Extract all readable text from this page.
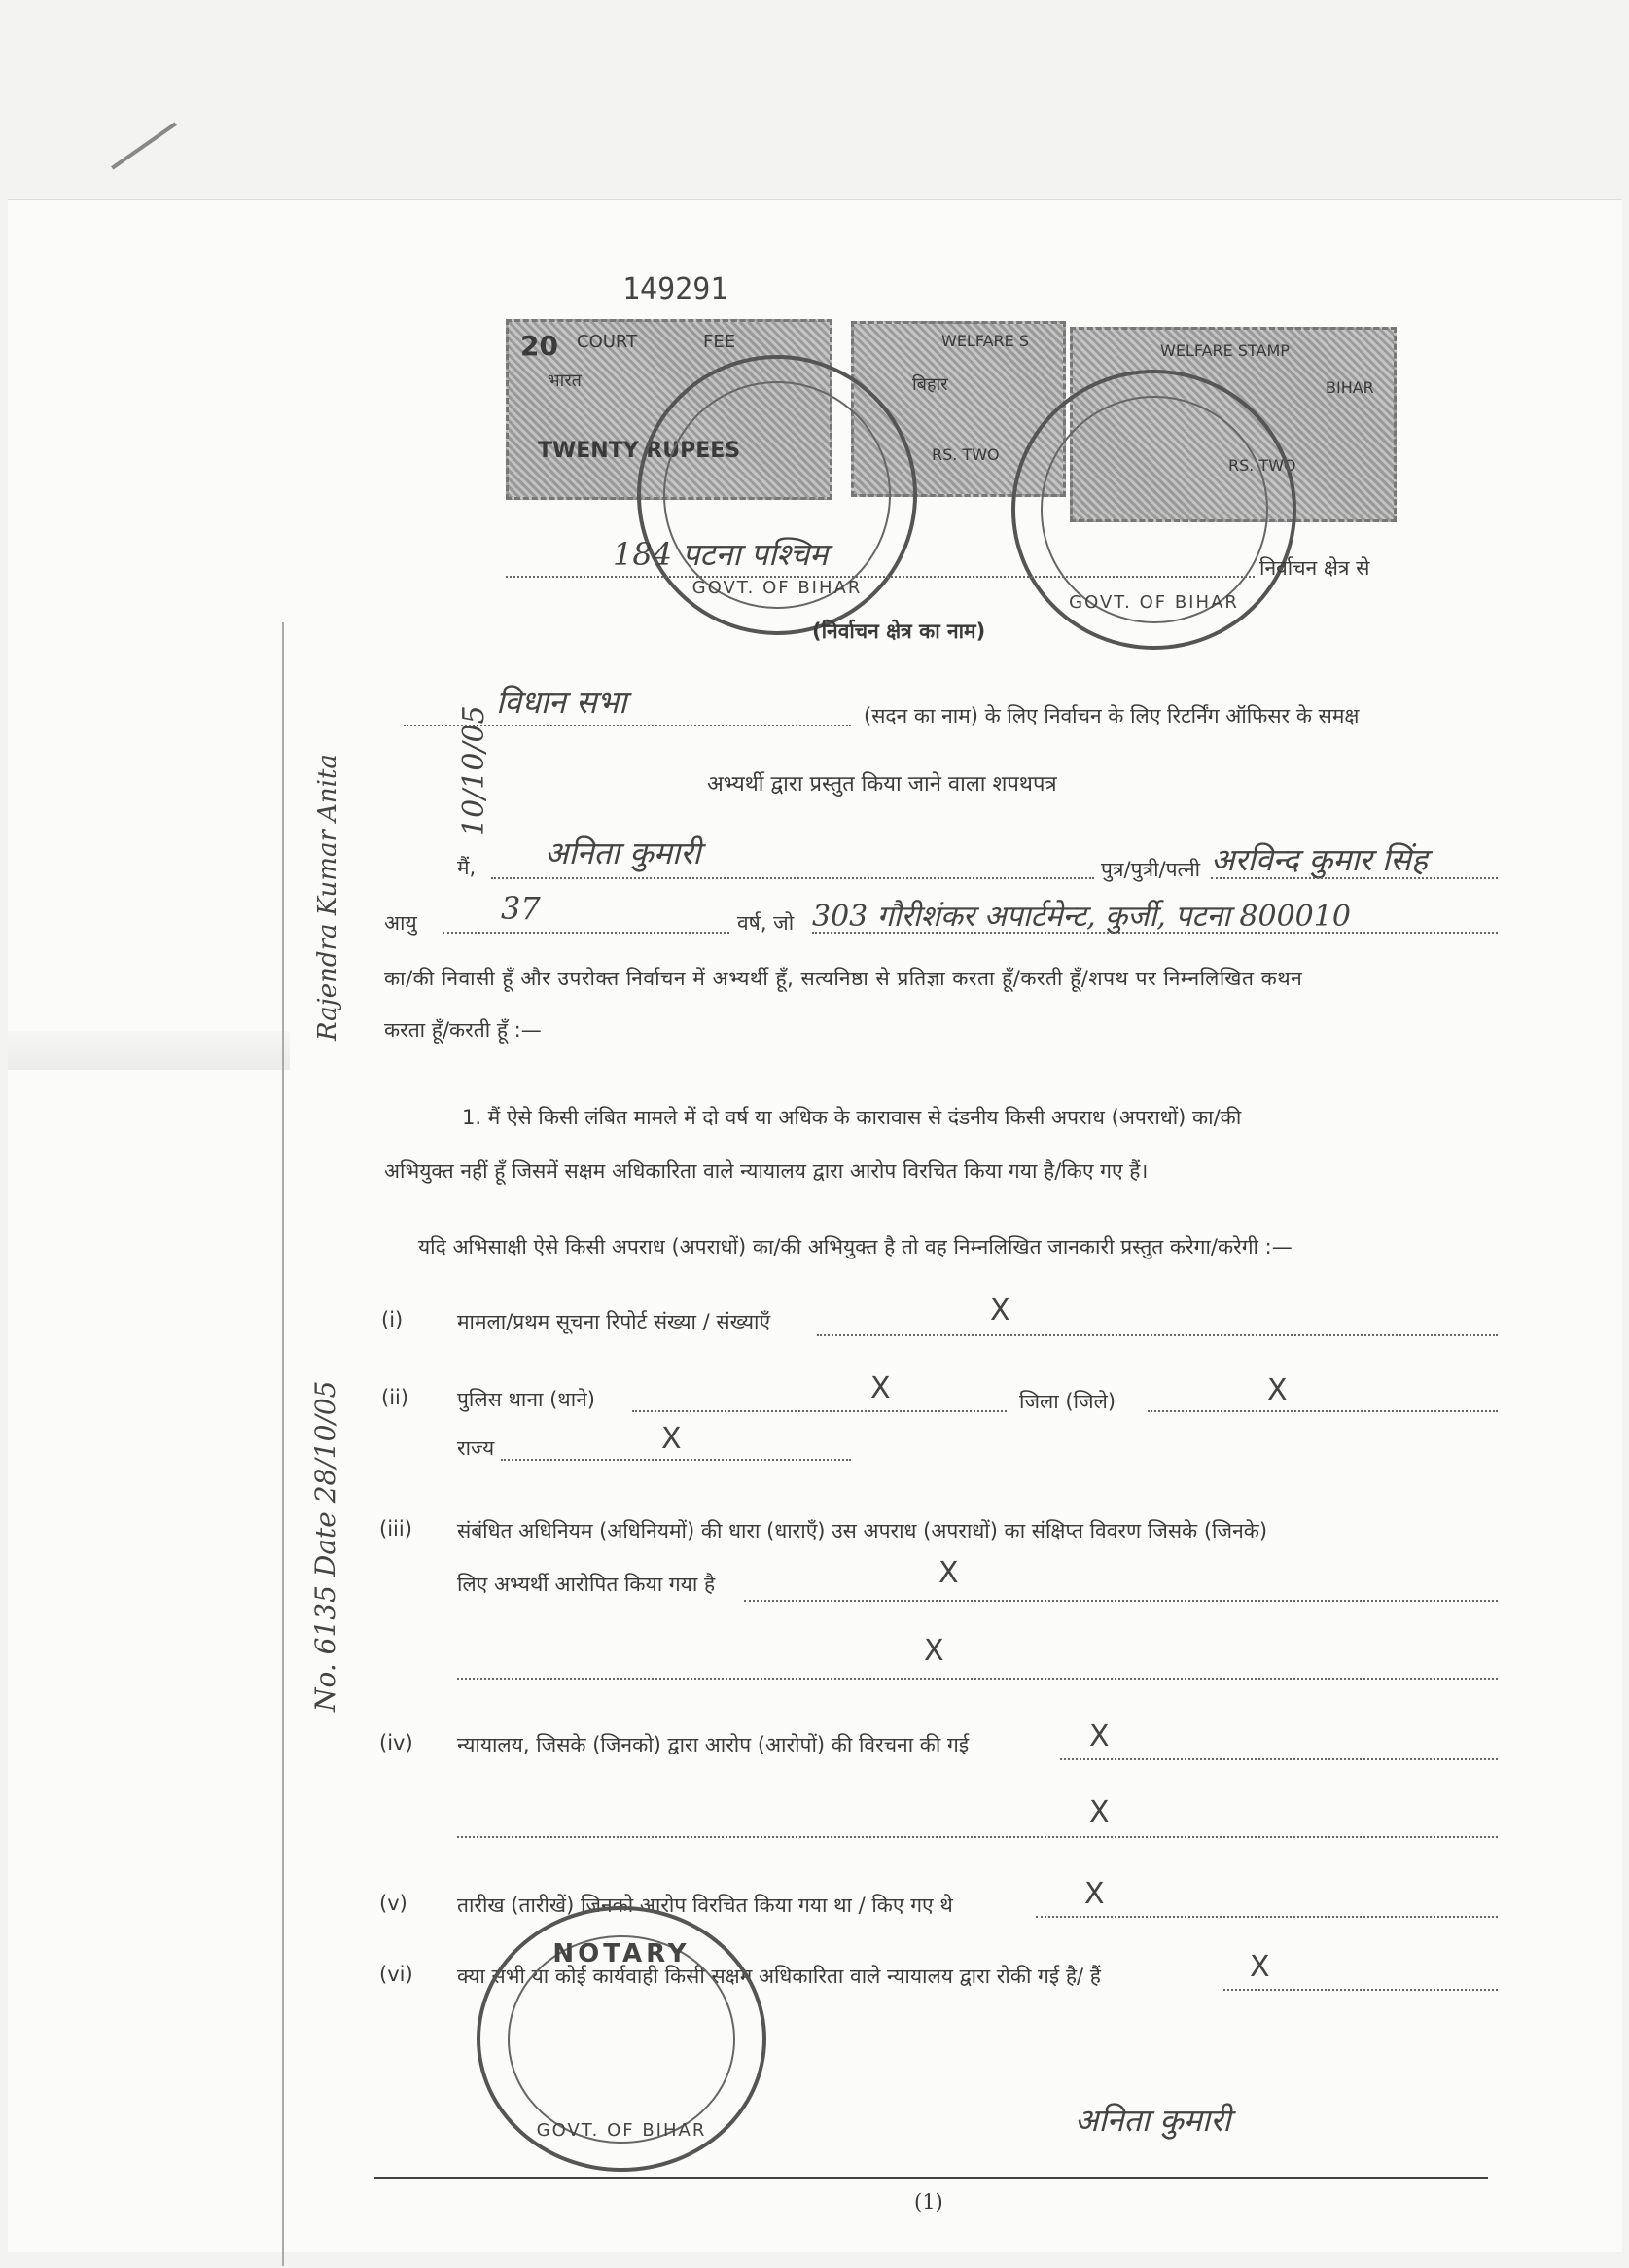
149291
20 COURT	FEE
भारत
TWENTY RUPEES
WELFARE S
बिहार
RS. TWO
WELFARE STAMP
BIHAR
RS. TWO
GOVT. OF BIHAR
GOVT. OF BIHAR
184 पटना पश्चिम	निर्वाचन क्षेत्र से
(निर्वाचन क्षेत्र का नाम)
विधान सभा	(सदन का नाम) के लिए निर्वाचन के लिए रिटर्निंग ऑफिसर के समक्ष
अभ्यर्थी द्वारा प्रस्तुत किया जाने वाला शपथपत्र
मैं, अनिता कुमारी	पुत्र/पुत्री/पत्नी अरविन्द कुमार सिंह
आयु	37	वर्ष, जो 303 गौरीशंकर अपार्टमेन्ट, कुर्जी, पटना 800010
का/की निवासी हूँ और उपरोक्त निर्वाचन में अभ्यर्थी हूँ, सत्यनिष्ठा से प्रतिज्ञा करता हूँ/करती हूँ/शपथ पर निम्नलिखित कथन
करता हूँ/करती हूँ :—
1. मैं ऐसे किसी लंबित मामले में दो वर्ष या अधिक के कारावास से दंडनीय किसी अपराध (अपराधों) का/की
अभियुक्त नहीं हूँ जिसमें सक्षम अधिकारिता वाले न्यायालय द्वारा आरोप विरचित किया गया है/किए गए हैं।
यदि अभिसाक्षी ऐसे किसी अपराध (अपराधों) का/की अभियुक्त है तो वह निम्नलिखित जानकारी प्रस्तुत करेगा/करेगी :—
(i)	मामला/प्रथम सूचना रिपोर्ट संख्या / संख्याएँ	X
(ii) पुलिस थाना (थाने)	X	जिला (जिले)	X
राज्य	X
(iii) संबंधित अधिनियम (अधिनियमों) की धारा (धाराएँ) उस अपराध (अपराधों) का संक्षिप्त विवरण जिसके (जिनके)
लिए अभ्यर्थी आरोपित किया गया है	X
X
(iv) न्यायालय, जिसके (जिनको) द्वारा आरोप (आरोपों) की विरचना की गई	X
X
(v) तारीख (तारीखें) जिनको आरोप विरचित किया गया था / किए गए थे	X
(vi) क्या सभी या कोई कार्यवाही किसी सक्षम अधिकारिता वाले न्यायालय द्वारा रोकी गई है/ हैं	X
NOTARY
GOVT. OF BIHAR	अनिता कुमारी
(1)
No. 6135 Date 28/10/05
Rajendra Kumar Anita	10/10/05
